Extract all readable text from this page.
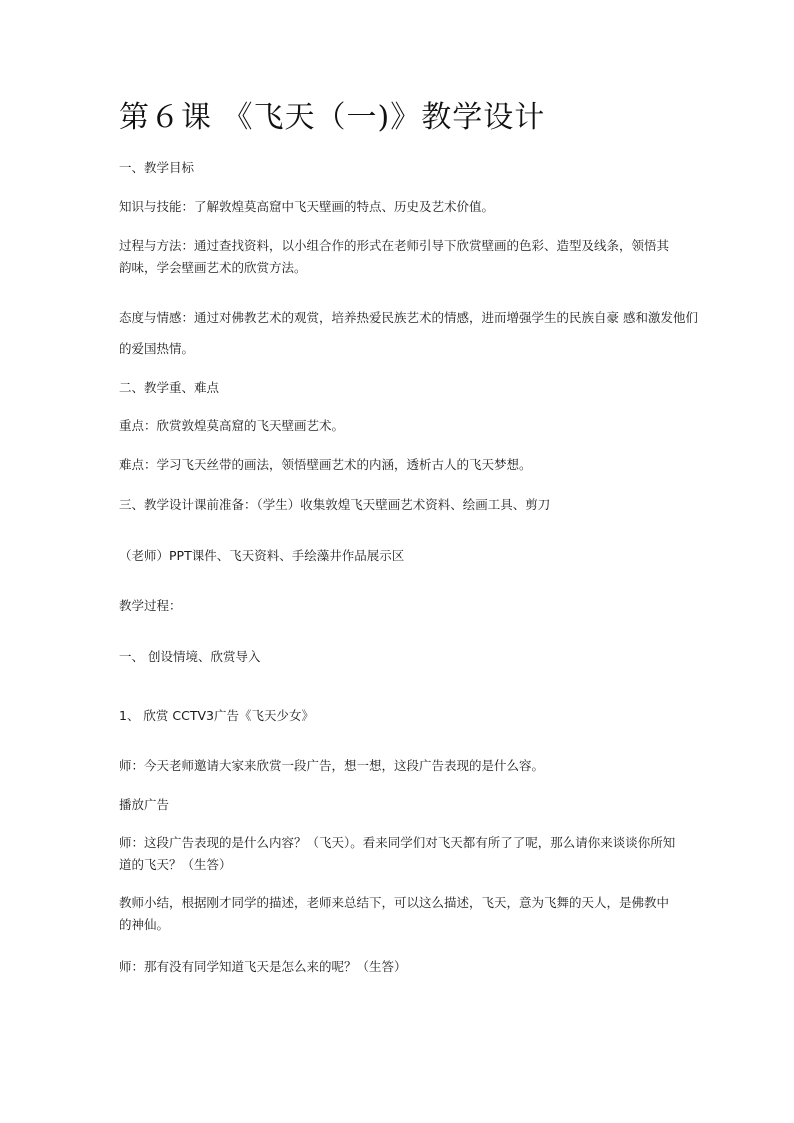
第６课 《飞天（一)》教学设计
一、教学目标
知识与技能：了解敦煌莫高窟中飞天壁画的特点、历史及艺术价值。
过程与方法：通过查找资料，以小组合作的形式在老师引导下欣赏壁画的色彩、造型及线条，领悟其韵味，学会壁画艺术的欣赏方法。
态度与情感：通过对佛教艺术的观赏，培养热爱民族艺术的情感，进而增强学生的民族自豪 感和激发他们
的爱国热情。
二、教学重、难点
重点：欣赏敦煌莫高窟的飞天壁画艺术。
难点：学习飞天丝带的画法，领悟壁画艺术的内涵，透析古人的飞天梦想。
三、教学设计课前准备：（学生）收集敦煌飞天壁画艺术资料、绘画工具、剪刀
（老师）PPT课件、飞天资料、手绘藻井作品展示区
教学过程：
一、 创设情境、欣赏导入
1、 欣赏 CCTV3广告《飞天少女》
师：今天老师邀请大家来欣赏一段广告，想一想，这段广告表现的是什么容。
播放广告
师：这段广告表现的是什么内容？（飞天）。看来同学们对飞天都有所了了呢，那么请你来谈谈你所知道的飞天？（生答）
教师小结，根据刚才同学的描述，老师来总结下，可以这么描述，飞天，意为飞舞的天人，是佛教中的神仙。
师：那有没有同学知道飞天是怎么来的呢？（生答）
